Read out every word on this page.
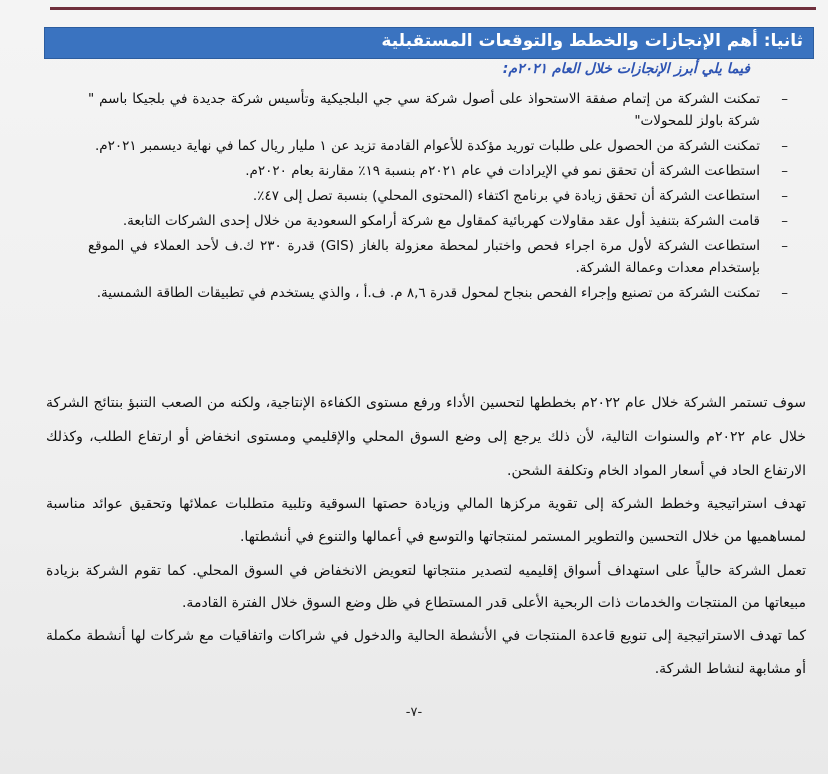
ثانيا: أهم الإنجازات والخطط والتوقعات المستقبلية
فيما يلي أبرز الإنجازات خلال العام ٢٠٢١م:
–
تمكنت الشركة من إتمام صفقة الاستحواذ على أصول شركة سي جي البلجيكية وتأسيس شركة جديدة في بلجيكا باسم " شركة باولز للمحولات"
–
تمكنت الشركة من الحصول على طلبات توريد مؤكدة للأعوام القادمة تزيد عن ١ مليار ريال كما في نهاية ديسمبر ٢٠٢١م.
–
استطاعت الشركة أن تحقق نمو في الإيرادات في عام ٢٠٢١م بنسبة ١٩٪ مقارنة بعام ٢٠٢٠م.
–
استطاعت الشركة أن تحقق زيادة في برنامج اكتفاء (المحتوى المحلي) بنسبة تصل إلى ٤٧٪.
–
قامت الشركة بتنفيذ أول عقد مقاولات كهربائية كمقاول مع شركة أرامكو السعودية من خلال إحدى الشركات التابعة.
–
استطاعت الشركة لأول مرة اجراء فحص واختبار لمحطة معزولة بالغاز (GIS) قدرة ٢٣٠ ك.ف لأحد العملاء في الموقع بإستخدام معدات وعمالة الشركة.
–
تمكنت الشركة من تصنيع وإجراء الفحص بنجاح لمحول قدرة ٨,٦ م. ف.أ ، والذي يستخدم في تطبيقات الطاقة الشمسية.

سوف تستمر الشركة خلال عام ٢٠٢٢م بخططها لتحسين الأداء ورفع مستوى الكفاءة الإنتاجية، ولكنه من الصعب التنبؤ بنتائج الشركة خلال عام ٢٠٢٢م والسنوات التالية، لأن ذلك يرجع إلى وضع السوق المحلي والإقليمي ومستوى انخفاض أو ارتفاع الطلب، وكذلك الارتفاع الحاد في أسعار المواد الخام وتكلفة الشحن.

تهدف استراتيجية وخطط الشركة إلى تقوية مركزها المالي وزيادة حصتها السوقية وتلبية متطلبات عملائها وتحقيق عوائد مناسبة لمساهميها من خلال التحسين والتطوير المستمر لمنتجاتها والتوسع في أعمالها والتنوع في أنشطتها.

تعمل الشركة حالياً على استهداف أسواق إقليميه لتصدير منتجاتها لتعويض الانخفاض في السوق المحلي. كما تقوم الشركة بزيادة مبيعاتها من المنتجات والخدمات ذات الربحية الأعلى قدر المستطاع في ظل وضع السوق خلال الفترة القادمة.

كما تهدف الاستراتيجية إلى تنويع قاعدة المنتجات في الأنشطة الحالية والدخول في شراكات واتفاقيات مع شركات لها أنشطة مكملة أو مشابهة لنشاط الشركة.

-٧-
